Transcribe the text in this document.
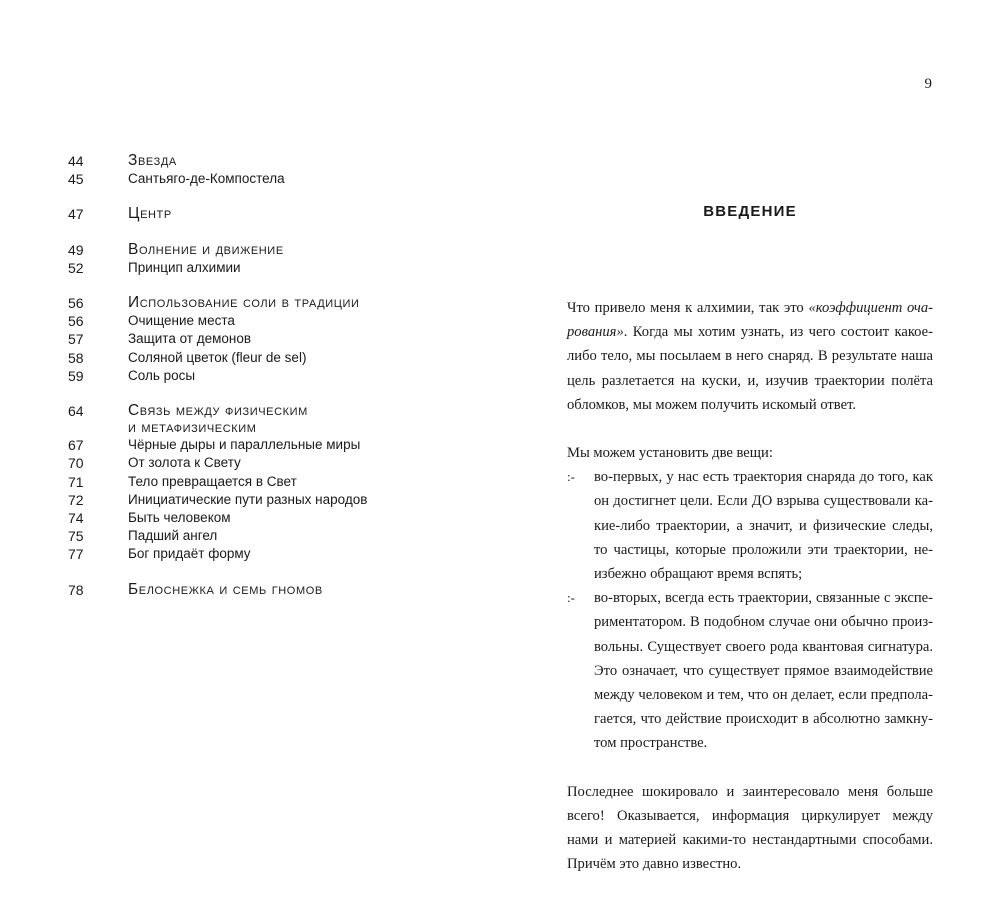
9
44	Звезда
45	Сантьяго-де-Компостела
47	Центр
49	Волнение и движение
52	Принцип алхимии
56	Использование соли в традиции
56	Очищение места
57	Защита от демонов
58	Соляной цветок (fleur de sel)
59	Соль росы
64	Связь между физическим
и метафизическим
67	Чёрные дыры и параллельные миры
70	От золота к Свету
71	Тело превращается в Свет
72	Инициатические пути разных народов
74	Быть человеком
75	Падший ангел
77	Бог придаёт форму
78	Белоснежка и семь гномов
ВВЕДЕНИЕ

Что привело меня к алхимии, так это «коэффициент очарования». Когда мы хотим узнать, из чего состоит какоелибо тело, мы посылаем в него снаряд. В результате наша цель разлетается на куски, и, изучив траектории полёта обломков, мы можем получить искомый ответ.

Мы можем установить две вещи:
:-	во-первых, у нас есть траектория снаряда до того, как он достигнет цели. Если ДО взрыва существовали какие-либо траектории, а значит, и физические следы, то частицы, которые проложили эти траектории, неизбежно обращают время вспять;
:-	во-вторых, всегда есть траектории, связанные с экспериментатором. В подобном случае они обычно произвольны. Существует своего рода квантовая сигнатура. Это означает, что существует прямое взаимодействие между человеком и тем, что он делает, если предполагается, что действие происходит в абсолютно замкнутом пространстве.

Последнее шокировало и заинтересовало меня больше всего! Оказывается, информация циркулирует между нами и материей какими-то нестандартными способами. Причём это давно известно.
